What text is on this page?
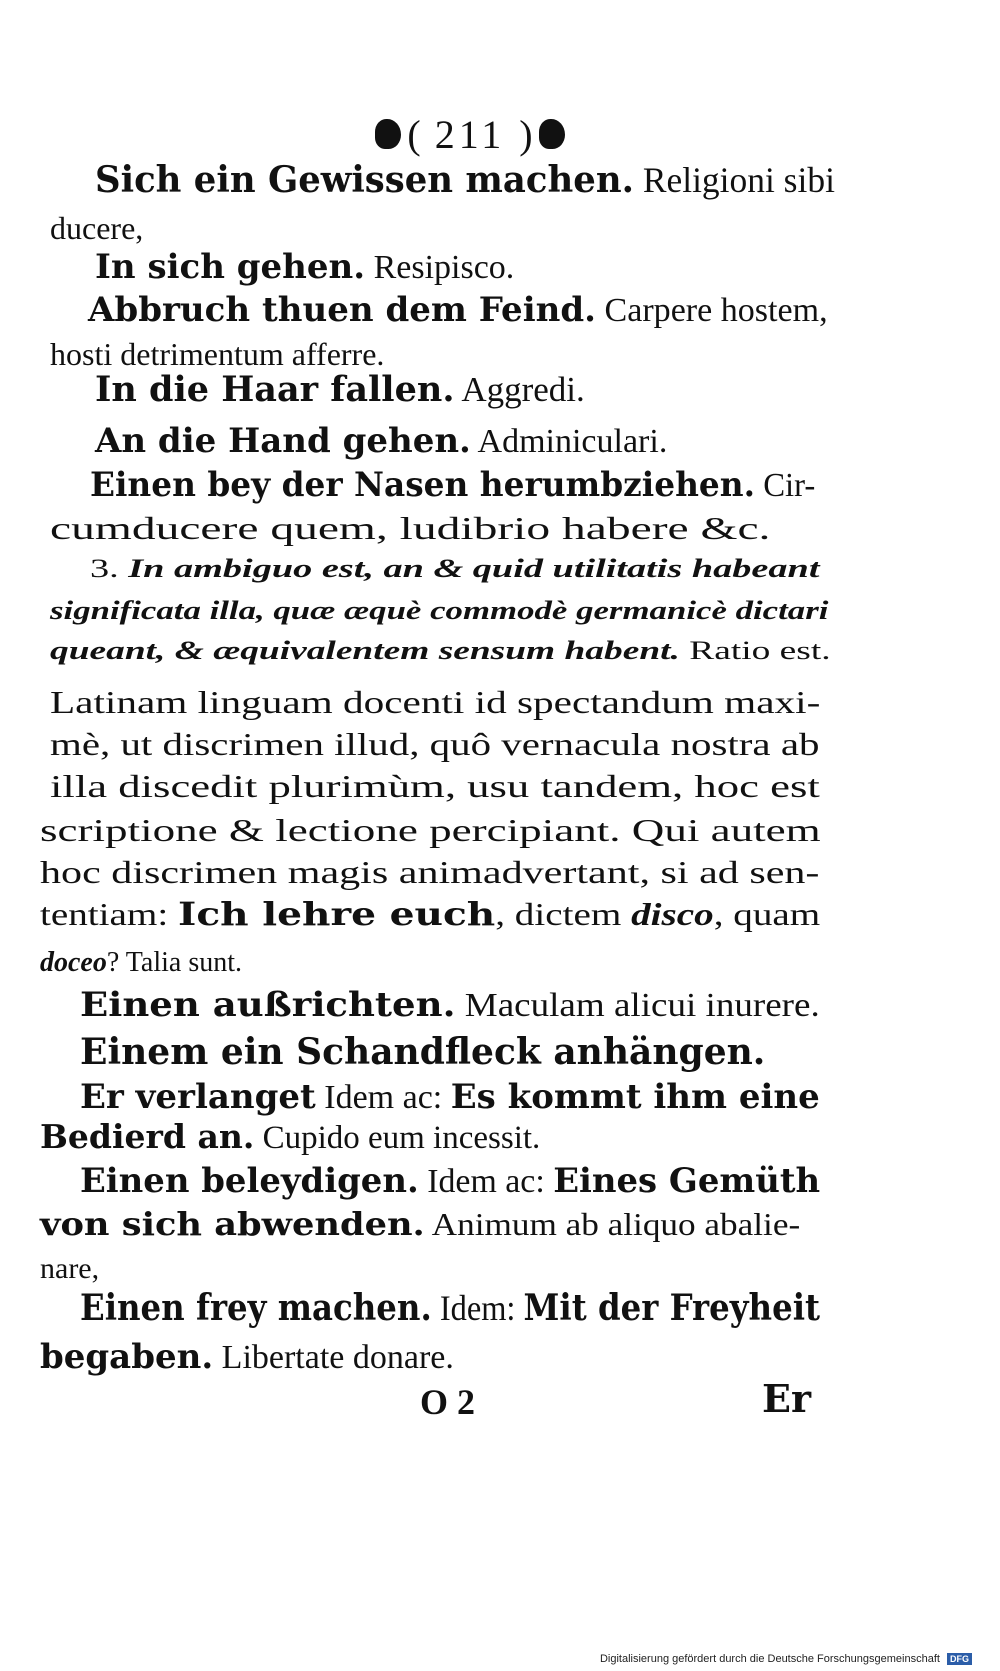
( 211 )
Sich ein Gewissen machen. Religioni sibi
ducere,
In sich gehen. Resipisco.
Abbruch thuen dem Feind. Carpere hostem,
hosti detrimentum afferre.
In die Haar fallen. Aggredi.
An die Hand gehen. Adminiculari.
Einen bey der Nasen herumbziehen. Cir-
cumducere quem, ludibrio habere &c.
3. In ambiguo est, an & quid utilitatis habeant
significata illa, quæ æquè commodè germanicè dictari
queant, & æquivalentem sensum habent. Ratio est.
Latinam linguam docenti id spectandum maxi-
mè, ut discrimen illud, quô vernacula nostra ab
illa discedit plurimùm, usu tandem, hoc est
scriptione & lectione percipiant. Qui autem
hoc discrimen magis animadvertant, si ad sen-
tentiam: Ich lehre euch, dictem disco, quam
doceo? Talia sunt.
Einen außrichten. Maculam alicui inurere.
Einem ein Schandfleck anhängen.
Er verlanget Idem ac: Es kommt ihm eine
Bedierd an. Cupido eum incessit.
Einen beleydigen. Idem ac: Eines Gemüth
von sich abwenden. Animum ab aliquo abalie-
nare,
Einen frey machen. Idem: Mit der Freyheit
begaben. Libertate donare.
O 2	Er
Digitalisierung gefördert durch die Deutsche Forschungsgemeinschaft DFG
